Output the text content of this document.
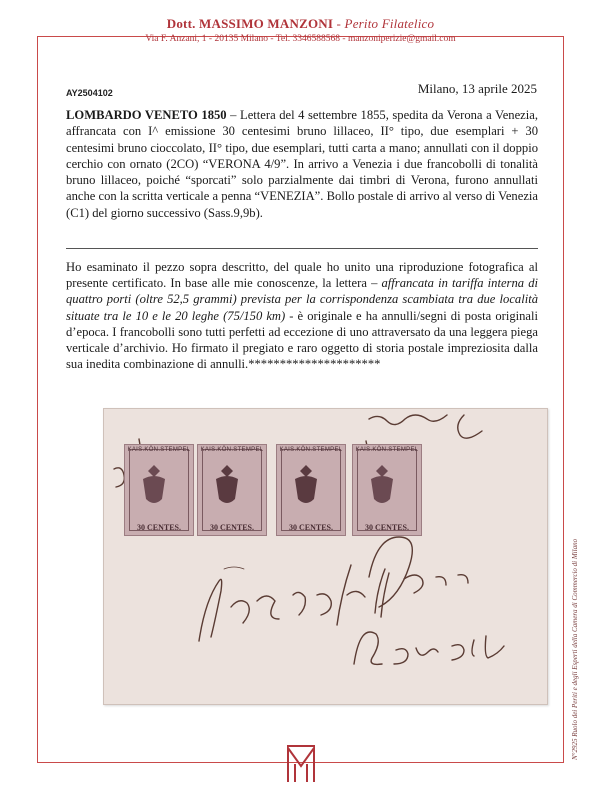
Dott. MASSIMO MANZONI - Perito Filatelico
Via F. Anzani, 1 - 20135 Milano - Tel. 3346588568 - manzoniperizie@gmail.com
AY2504102	Milano, 13 aprile 2025
LOMBARDO VENETO 1850 – Lettera del 4 settembre 1855, spedita da Verona a Venezia, affrancata con I^ emissione 30 centesimi bruno lillaceo, II° tipo, due esemplari + 30 centesimi bruno cioccolato, II° tipo, due esemplari, tutti carta a mano; annullati con il doppio cerchio con ornato (2CO) “VERONA 4/9”. In arrivo a Venezia i due francobolli di tonalità bruno lillaceo, poiché “sporcati” solo parzialmente dai timbri di Verona, furono annullati anche con la scritta verticale a penna “VENEZIA”. Bollo postale di arrivo al verso di Venezia (C1) del giorno successivo (Sass.9,9b).
Ho esaminato il pezzo sopra descritto, del quale ho unito una riproduzione fotografica al presente certificato. In base alle mie conoscenze, la lettera – affrancata in tariffa interna di quattro porti (oltre 52,5 grammi) prevista per la corrispondenza scambiata tra due località situate tra le 10 e le 20 leghe (75/150 km) - è originale e ha annulli/segni di posta originali d’epoca. I francobolli sono tutti perfetti ad eccezione di uno attraversato da una leggera piega verticale d’archivio. Ho firmato il pregiato e raro oggetto di storia postale impreziosita dalla sua inedita combinazione di annulli.*********************
KAIS.KÖN.STEMPEL
30 CENTES.
KAIS.KÖN.STEMPEL
30 CENTES.
KAIS.KÖN.STEMPEL
30 CENTES.
KAIS.KÖN.STEMPEL
30 CENTES.
N°2925 Ruolo dei Periti e degli Esperti della Camera di Commercio di Milano
